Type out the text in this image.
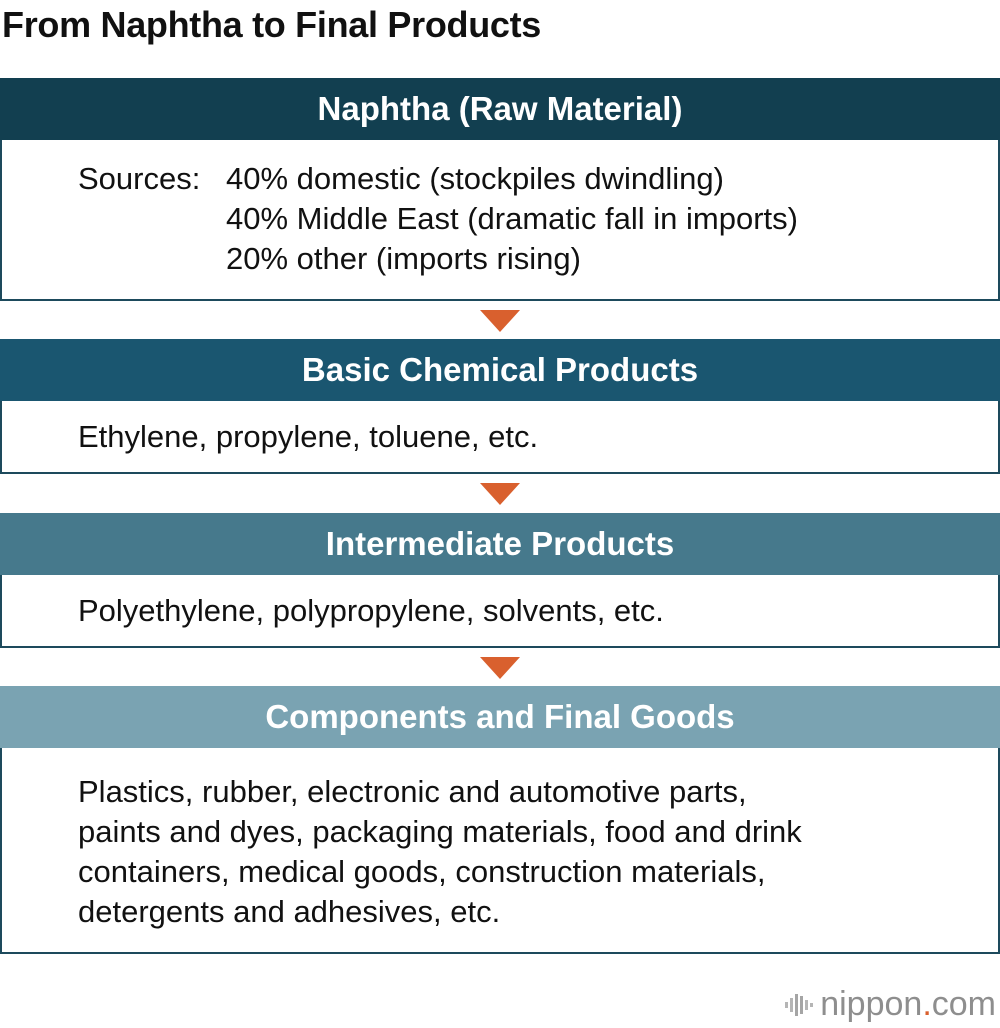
From Naphtha to Final Products
Naphtha (Raw Material)
Sources: 40% domestic (stockpiles dwindling)
40% Middle East (dramatic fall in imports)
20% other (imports rising)
Basic Chemical Products
Ethylene, propylene, toluene, etc.
Intermediate Products
Polyethylene, polypropylene, solvents, etc.
Components and Final Goods
Plastics, rubber, electronic and automotive parts,
paints and dyes, packaging materials, food and drink
containers, medical goods, construction materials,
detergents and adhesives, etc.
nippon . com
